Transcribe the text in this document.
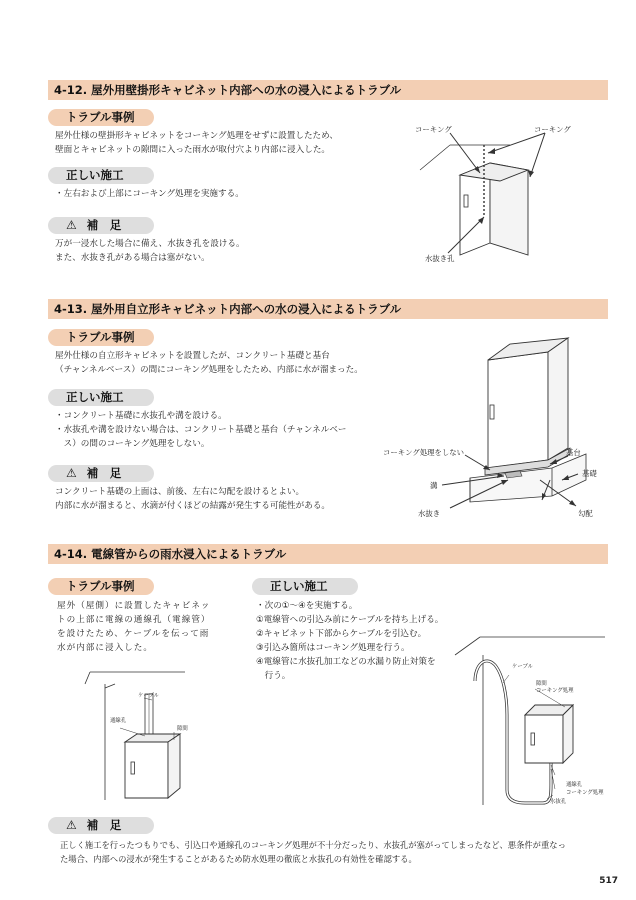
4-12. 屋外用壁掛形キャビネット内部への水の浸入によるトラブル
トラブル事例
屋外仕様の壁掛形キャビネットをコーキング処理をせずに設置したため、
壁面とキャビネットの隙間に入った雨水が取付穴より内部に浸入した。
正しい施工
・左右および上部にコーキング処理を実施する。
⚠ 補　足
万が一浸水した場合に備え、水抜き孔を設ける。
また、水抜き孔がある場合は塞がない。
コーキング	コーキング
水抜き孔
4-13. 屋外用自立形キャビネット内部への水の浸入によるトラブル
トラブル事例
屋外仕様の自立形キャビネットを設置したが、コンクリート基礎と基台
（チャンネルベース）の間にコーキング処理をしたため、内部に水が溜まった。
正しい施工
・コンクリート基礎に水抜孔や溝を設ける。
・水抜孔や溝を設けない場合は、コンクリート基礎と基台（チャンネルベー
　ス）の間のコーキング処理をしない。
⚠ 補　足
コンクリート基礎の上面は、前後、左右に勾配を設けるとよい。
内部に水が溜まると、水滴が付くほどの結露が発生する可能性がある。
コーキング処理をしない	基台
基礎
溝
水抜き	勾配
4-14. 電線管からの雨水浸入によるトラブル
トラブル事例
屋外（屋側）に設置したキャビネッ
トの上部に電線の通線孔（電線管）
を設けたため、ケーブルを伝って雨
水が内部に浸入した。
正しい施工
・次の①～④を実施する。
①電線管への引込み前にケーブルを持ち上げる。
②キャビネット下部からケーブルを引込む。
③引込み箇所はコーキング処理を行う。
④電線管に水抜孔加工などの水漏り防止対策を
　行う。
ケーブル
通線孔
隙間
ケーブル
隙間
コーキング処理
通線孔
コーキング処理
水抜孔
⚠ 補　足
正しく施工を行ったつもりでも、引込口や通線孔のコーキング処理が不十分だったり、水抜孔が塞がってしまったなど、悪条件が重なっ
た場合、内部への浸水が発生することがあるため防水処理の徹底と水抜孔の有効性を確認する。
517
